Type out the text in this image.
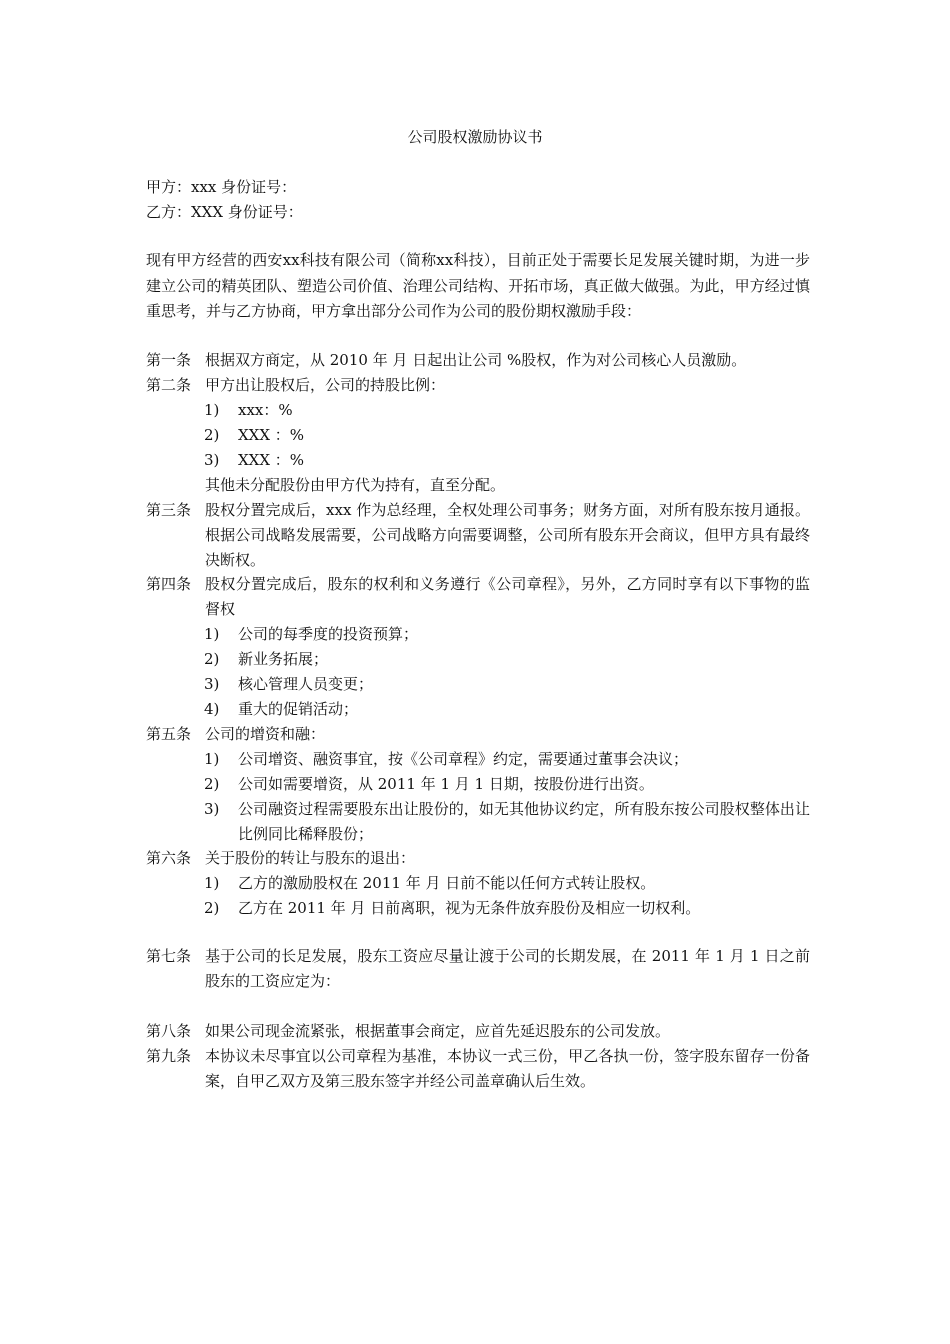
公司股权激励协议书
甲方：xxx 身份证号：
乙方：XXX 身份证号：
现有甲方经营的西安xx科技有限公司（简称xx科技），目前正处于需要长足发展关键时期，为进一步建立公司的精英团队、塑造公司价值、治理公司结构、开拓市场，真正做大做强。为此，甲方经过慎重思考，并与乙方协商，甲方拿出部分公司作为公司的股份期权激励手段：
第一条 根据双方商定，从 2010 年 月 日起出让公司 %股权，作为对公司核心人员激励。
第二条 甲方出让股权后，公司的持股比例：
1) xxx：%
2) XXX ：%
3) XXX ：%
其他未分配股份由甲方代为持有，直至分配。
第三条 股权分置完成后，xxx 作为总经理，全权处理公司事务；财务方面，对所有股东按月通报。根据公司战略发展需要，公司战略方向需要调整，公司所有股东开会商议，但甲方具有最终决断权。
第四条 股权分置完成后，股东的权利和义务遵行《公司章程》，另外，乙方同时享有以下事物的监督权
1) 公司的每季度的投资预算；
2) 新业务拓展；
3) 核心管理人员变更；
4) 重大的促销活动；
第五条 公司的增资和融：
1) 公司增资、融资事宜，按《公司章程》约定，需要通过董事会决议；
2) 公司如需要增资，从 2011 年 1 月 1 日期，按股份进行出资。
3) 公司融资过程需要股东出让股份的，如无其他协议约定，所有股东按公司股权整体出让比例同比稀释股份；
第六条 关于股份的转让与股东的退出：
1) 乙方的激励股权在 2011 年 月 日前不能以任何方式转让股权。
2) 乙方在 2011 年 月 日前离职，视为无条件放弃股份及相应一切权利。
第七条 基于公司的长足发展，股东工资应尽量让渡于公司的长期发展，在 2011 年 1 月 1 日之前股东的工资应定为：
第八条 如果公司现金流紧张，根据董事会商定，应首先延迟股东的公司发放。
第九条 本协议未尽事宜以公司章程为基准，本协议一式三份，甲乙各执一份，签字股东留存一份备案，自甲乙双方及第三股东签字并经公司盖章确认后生效。
